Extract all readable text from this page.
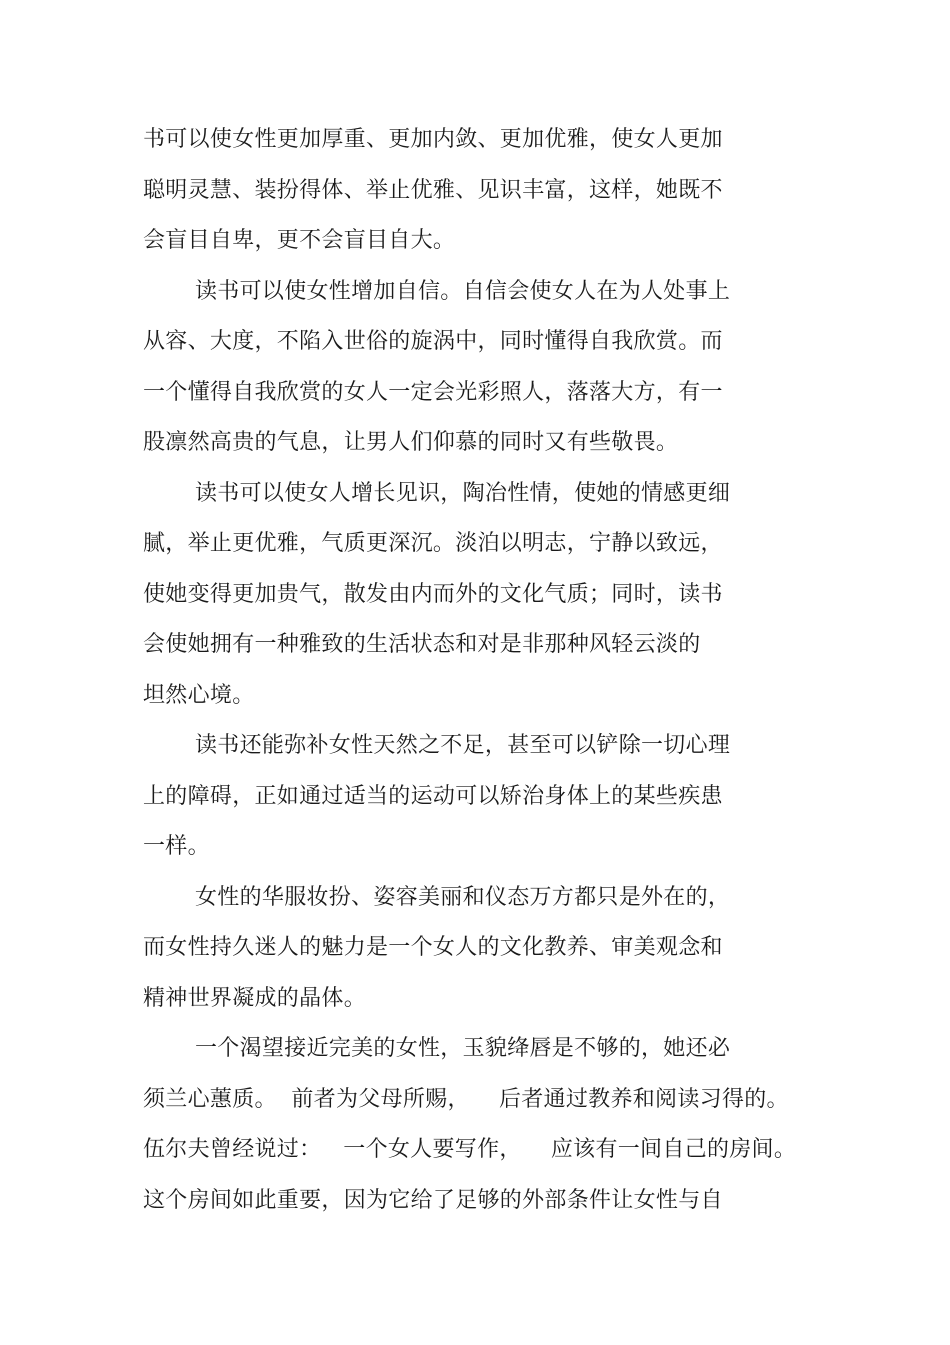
书可以使女性更加厚重、更加内敛、更加优雅，使女人更加
聪明灵慧、装扮得体、举止优雅、见识丰富，这样，她既不
会盲目自卑，更不会盲目自大。
读书可以使女性增加自信。自信会使女人在为人处事上
从容、大度，不陷入世俗的旋涡中，同时懂得自我欣赏。而
一个懂得自我欣赏的女人一定会光彩照人，落落大方，有一
股凛然高贵的气息，让男人们仰慕的同时又有些敬畏。
读书可以使女人增长见识，陶冶性情，使她的情感更细
腻，举止更优雅，气质更深沉。淡泊以明志，宁静以致远，
使她变得更加贵气，散发由内而外的文化气质；同时，读书
会使她拥有一种雅致的生活状态和对是非那种风轻云淡的
坦然心境。
读书还能弥补女性天然之不足，甚至可以铲除一切心理
上的障碍，正如通过适当的运动可以矫治身体上的某些疾患
一样。
女性的华服妆扮、姿容美丽和仪态万方都只是外在的，
而女性持久迷人的魅力是一个女人的文化教养、审美观念和
精神世界凝成的晶体。
一个渴望接近完美的女性，玉貌绛唇是不够的，她还必
须兰心蕙质。  前者为父母所赐，    后者通过教养和阅读习得的。
伍尔夫曾经说过：   一个女人要写作，    应该有一间自己的房间。
这个房间如此重要，因为它给了足够的外部条件让女性与自
